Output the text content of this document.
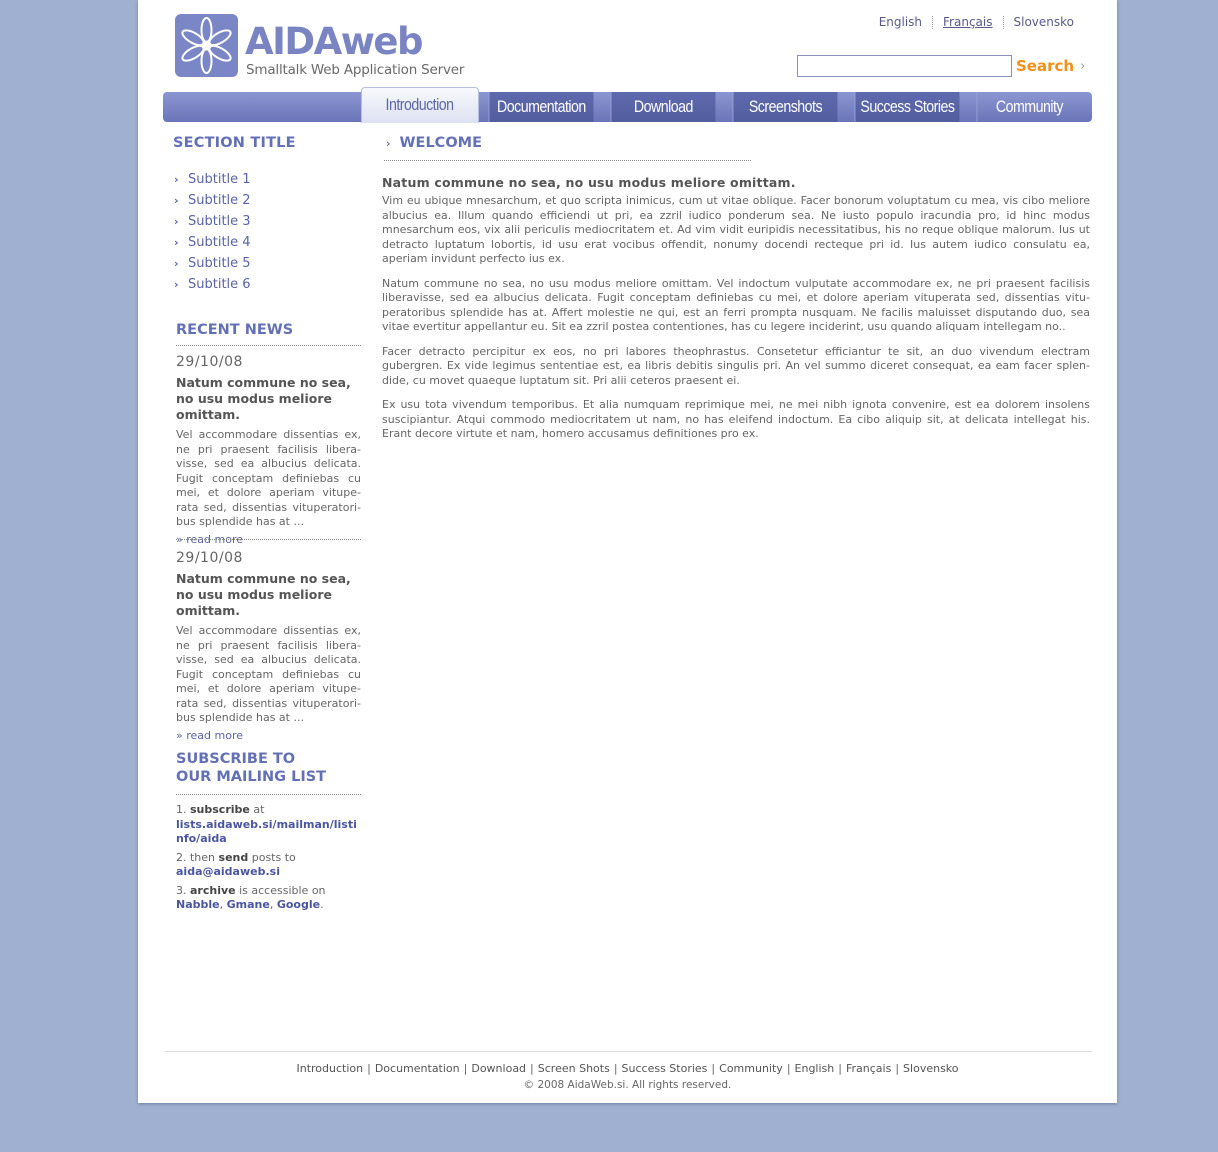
AIDAweb
Smalltalk Web Application Server
English	Français	Slovensko
Search ›
Documentation	Download	Screenshots	Success Stories	Community
Introduction
SECTION TITLE
› Subtitle 1
› Subtitle 2
› Subtitle 3
› Subtitle 4
› Subtitle 5
› Subtitle 6
RECENT NEWS
29/10/08
Natum commune no sea, no usu modus meliore omittam.
Vel accommodare dissentias ex, ne pri praesent facilisis libera-visse, sed ea albucius delicata. Fugit conceptam definiebas cu mei, et dolore aperiam vitupe-rata sed, dissentias vituperatori-bus splendide has at ...
» read more
29/10/08
Natum commune no sea, no usu modus meliore omittam.
Vel accommodare dissentias ex, ne pri praesent facilisis libera-visse, sed ea albucius delicata. Fugit conceptam definiebas cu mei, et dolore aperiam vitupe-rata sed, dissentias vituperatori-bus splendide has at ...
» read more
SUBSCRIBE TO
OUR MAILING LIST

1. subscribe at
lists.aidaweb.si/mailman/listinfo/aida

2. then send posts to
aida@aidaweb.si

3. archive is accessible on
Nabble, Gmane, Google.

› WELCOME
Natum commune no sea, no usu modus meliore omittam.

Vim eu ubique mnesarchum, et quo scripta inimicus, cum ut vitae oblique. Facer bonorum voluptatum cu mea, vis cibo meliore albucius ea. Illum quando efficiendi ut pri, ea zzril iudico ponderum sea. Ne iusto populo iracundia pro, id hinc modus mnesarchum eos, vix alii periculis mediocritatem et. Ad vim vidit euripidis necessitatibus, his no reque oblique malorum. Ius ut detracto luptatum lobortis, id usu erat vocibus offendit, nonumy docendi recteque pri id. Ius autem iudico consulatu ea, aperiam invidunt perfecto ius ex.

Natum commune no sea, no usu modus meliore omittam. Vel indoctum vulputate accommodare ex, ne pri praesent facilisis liberavisse, sed ea albucius delicata. Fugit conceptam definiebas cu mei, et dolore aperiam vituperata sed, dissentias vitu-peratoribus splendide has at. Affert molestie ne qui, est an ferri prompta nusquam. Ne facilis maluisset disputando duo, sea vitae evertitur appellantur eu. Sit ea zzril postea contentiones, has cu legere inciderint, usu quando aliquam intellegam no..

Facer detracto percipitur ex eos, no pri labores theophrastus. Consetetur efficiantur te sit, an duo vivendum electram gubergren. Ex vide legimus sententiae est, ea libris debitis singulis pri. An vel summo diceret consequat, ea eam facer splen-dide, cu movet quaeque luptatum sit. Pri alii ceteros praesent ei.

Ex usu tota vivendum temporibus. Et alia numquam reprimique mei, ne mei nibh ignota convenire, est ea dolorem insolens suscipiantur. Atqui commodo mediocritatem ut nam, no has eleifend indoctum. Ea cibo aliquip sit, at delicata intellegat his. Erant decore virtute et nam, homero accusamus definitiones pro ex.

Introduction | Documentation | Download | Screen Shots | Success Stories | Community | English | Français | Slovensko
© 2008 AidaWeb.si. All rights reserved.
